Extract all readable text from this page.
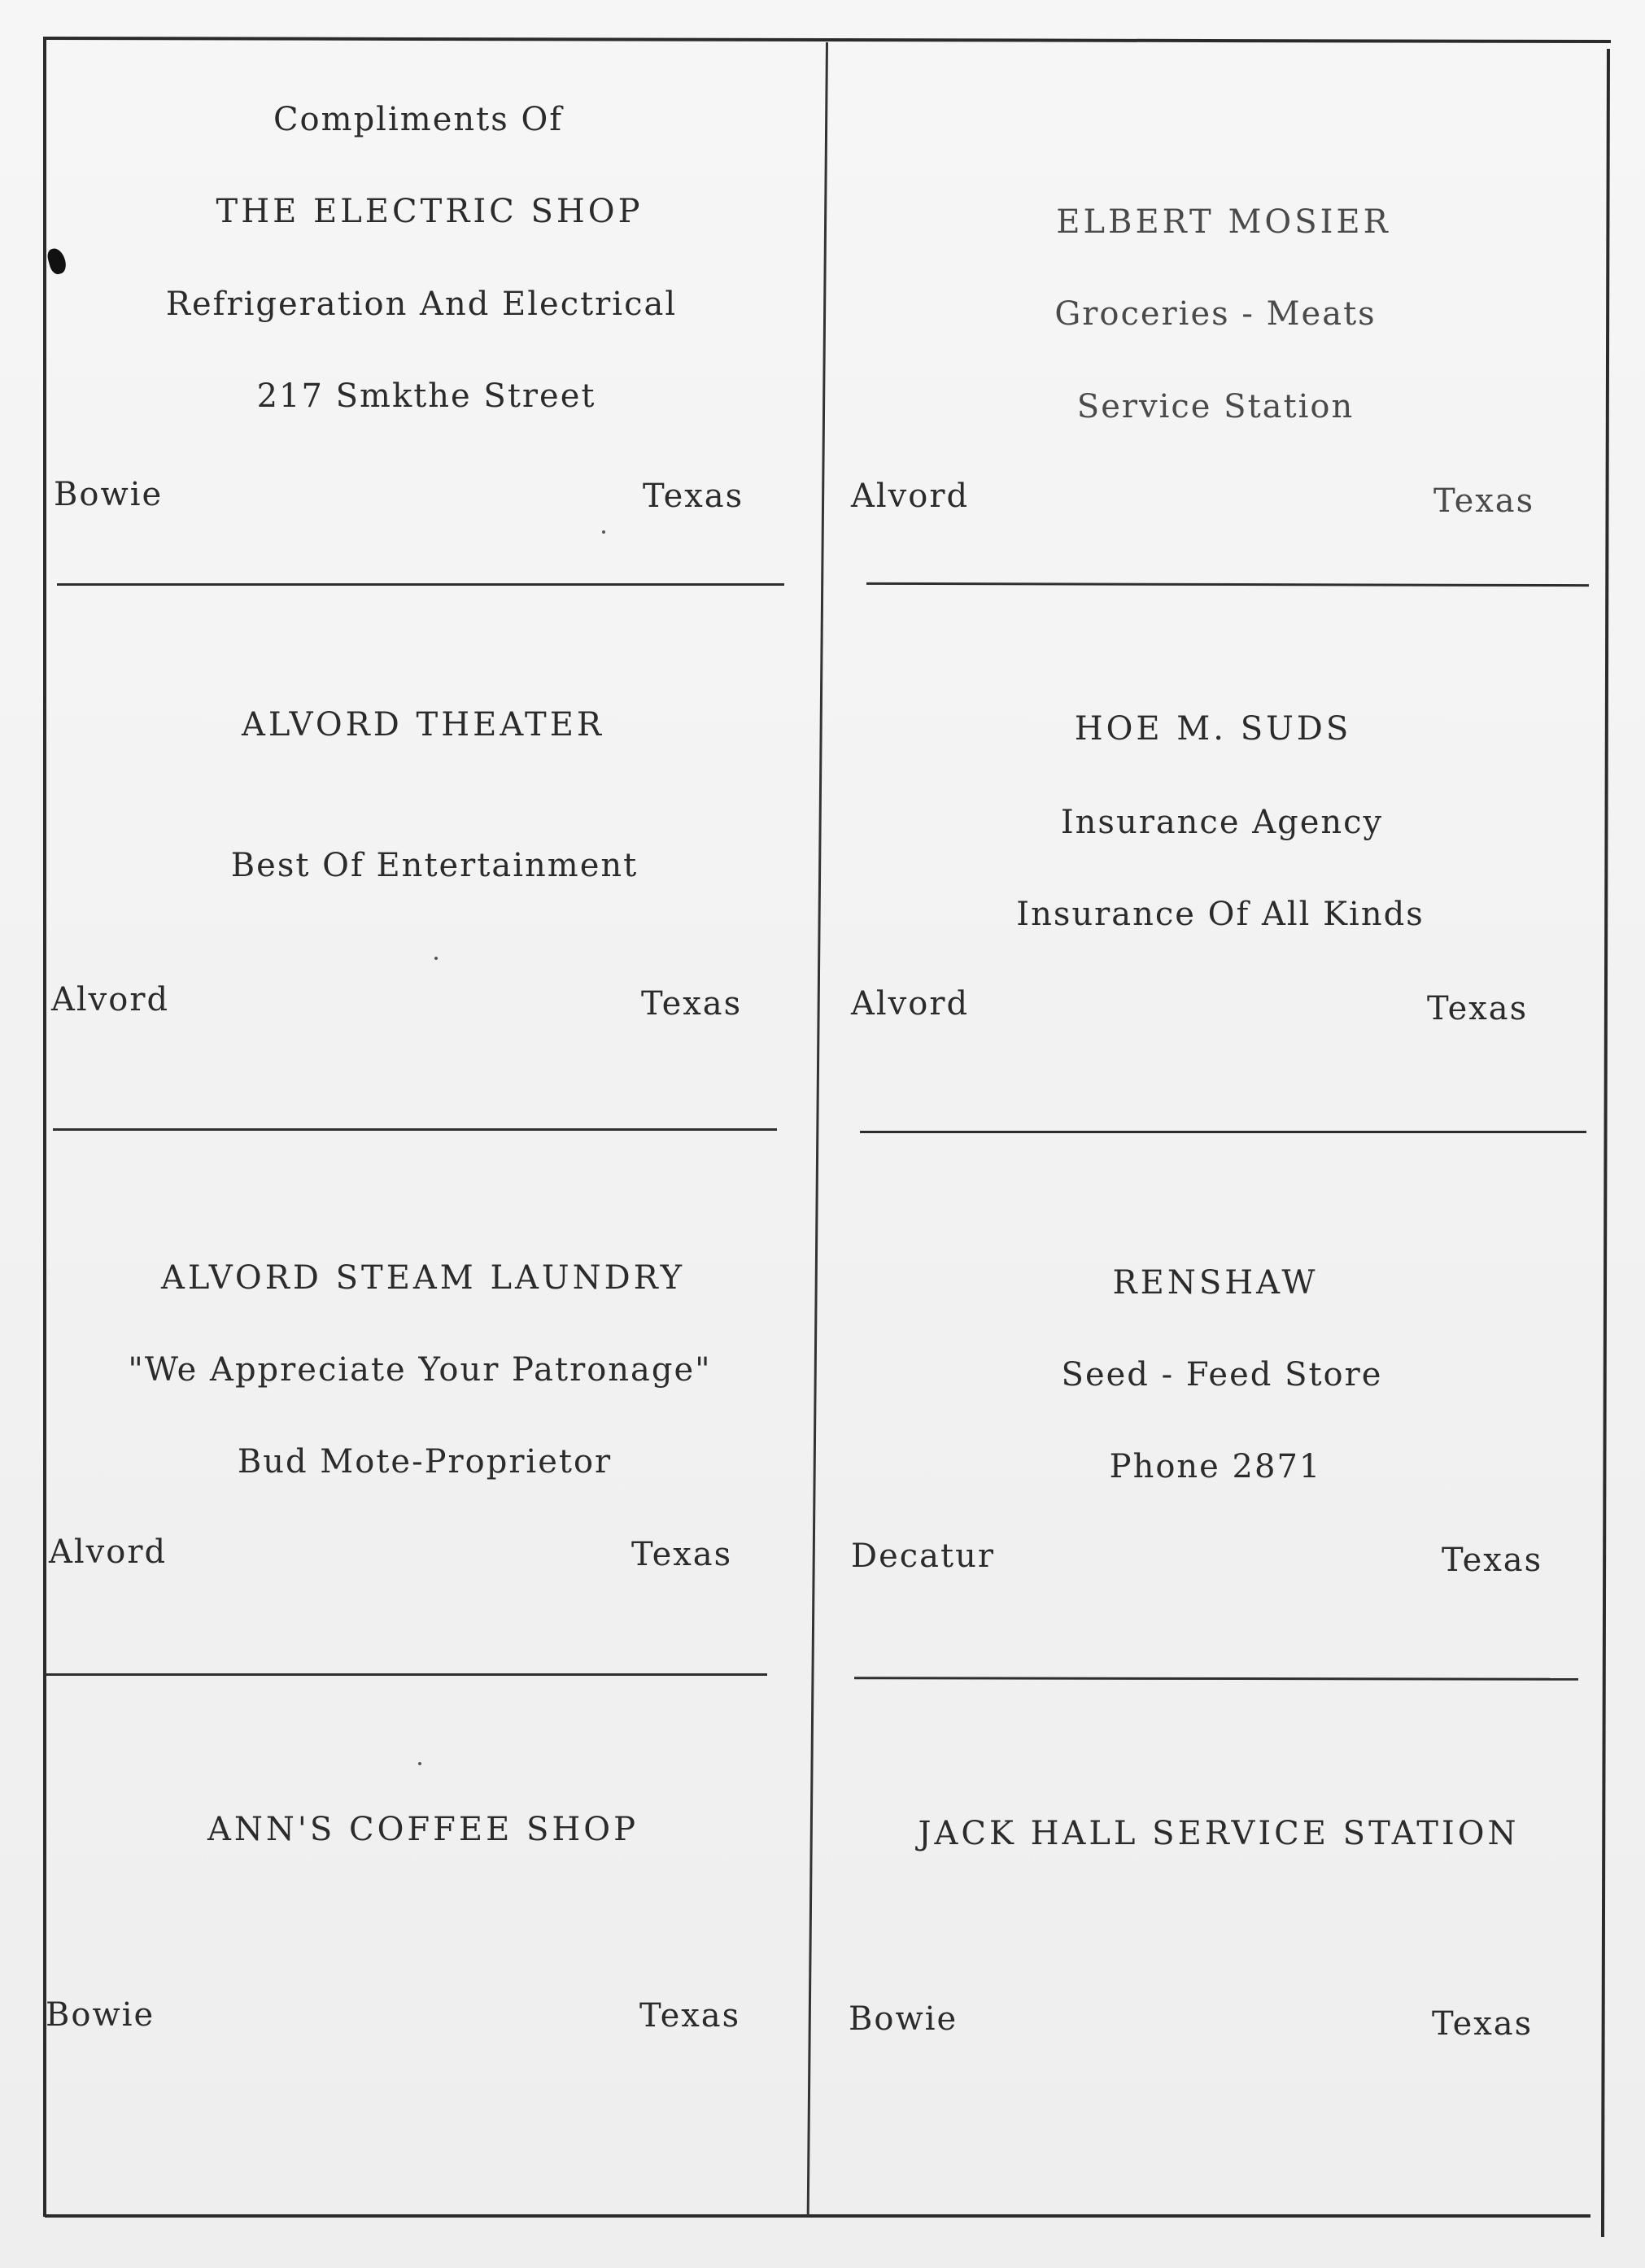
Compliments Of
THE ELECTRIC SHOP
Refrigeration And Electrical
217 Smkthe Street
Bowie	Texas
ELBERT MOSIER
Groceries - Meats
Service Station
Alvord	Texas
ALVORD THEATER
Best Of Entertainment
Alvord	Texas
HOE M. SUDS
Insurance Agency
Insurance Of All Kinds
Alvord	Texas
ALVORD STEAM LAUNDRY
"We Appreciate Your Patronage"
Bud Mote-Proprietor
Alvord	Texas
RENSHAW
Seed - Feed Store
Phone 2871
Decatur	Texas
ANN'S COFFEE SHOP
Bowie	Texas
JACK HALL SERVICE STATION
Bowie	Texas
